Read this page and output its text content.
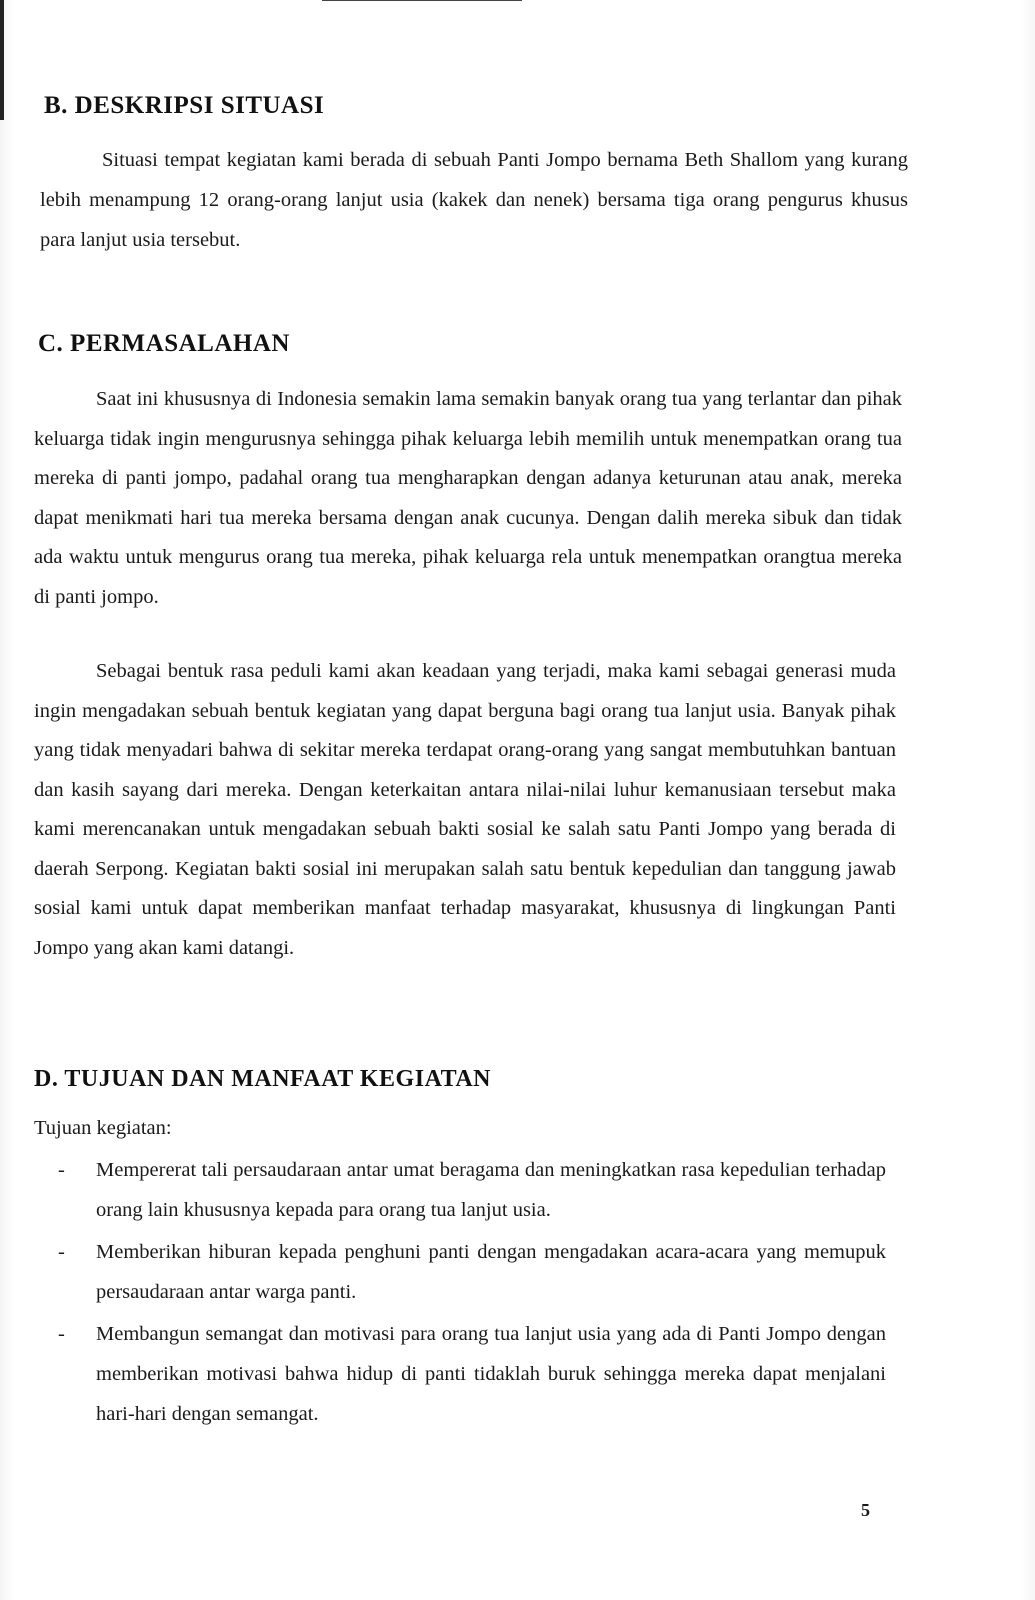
B. DESKRIPSI SITUASI

Situasi tempat kegiatan kami berada di sebuah Panti Jompo bernama Beth Shallom yang kurang lebih menampung 12 orang-orang lanjut usia (kakek dan nenek) bersama tiga orang pengurus khusus para lanjut usia tersebut.

C. PERMASALAHAN

Saat ini khususnya di Indonesia semakin lama semakin banyak orang tua yang terlantar dan pihak keluarga tidak ingin mengurusnya sehingga pihak keluarga lebih memilih untuk menempatkan orang tua mereka di panti jompo, padahal orang tua mengharapkan dengan adanya keturunan atau anak, mereka dapat menikmati hari tua mereka bersama dengan anak cucunya. Dengan dalih mereka sibuk dan tidak ada waktu untuk mengurus orang tua mereka, pihak keluarga rela untuk menempatkan orangtua mereka di panti jompo.

Sebagai bentuk rasa peduli kami akan keadaan yang terjadi, maka kami sebagai generasi muda ingin mengadakan sebuah bentuk kegiatan yang dapat berguna bagi orang tua lanjut usia. Banyak pihak yang tidak menyadari bahwa di sekitar mereka terdapat orang-orang yang sangat membutuhkan bantuan dan kasih sayang dari mereka. Dengan keterkaitan antara nilai-nilai luhur kemanusiaan tersebut maka kami merencanakan untuk mengadakan sebuah bakti sosial ke salah satu Panti Jompo yang berada di daerah Serpong. Kegiatan bakti sosial ini merupakan salah satu bentuk kepedulian dan tanggung jawab sosial kami untuk dapat memberikan manfaat terhadap masyarakat, khususnya di lingkungan Panti Jompo yang akan kami datangi.

D. TUJUAN DAN MANFAAT KEGIATAN

Tujuan kegiatan:

- Mempererat tali persaudaraan antar umat beragama dan meningkatkan rasa kepedulian terhadap orang lain khususnya kepada para orang tua lanjut usia.
- Memberikan hiburan kepada penghuni panti dengan mengadakan acara-acara yang memupuk persaudaraan antar warga panti.
- Membangun semangat dan motivasi para orang tua lanjut usia yang ada di Panti Jompo dengan memberikan motivasi bahwa hidup di panti tidaklah buruk sehingga mereka dapat menjalani hari-hari dengan semangat.

5
